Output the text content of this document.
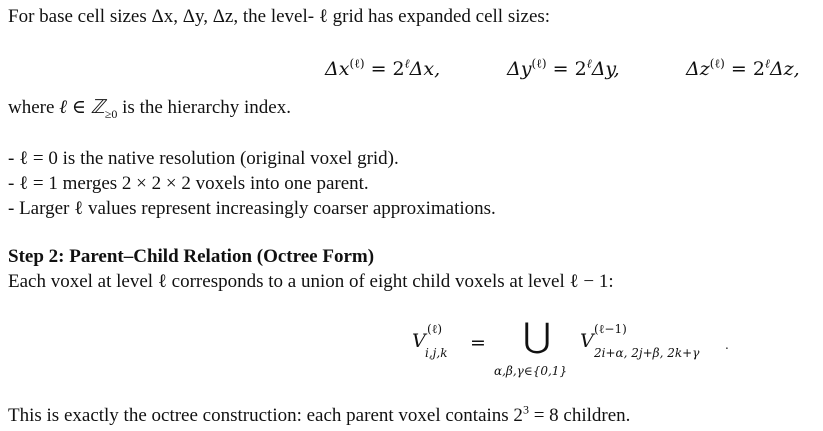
For base cell sizes Δx, Δy, Δz, the level- ℓ grid has expanded cell sizes:
$\Delta x^{(\ell)} = 2^\ell\Delta x$,	$\Delta y^{(\ell)} = 2^\ell\Delta y$,	$\Delta z^{(\ell)} = 2^\ell\Delta z$,
where ℓ ∈ ℤ$_{\ge 0}$ is the hierarchy index.
- ℓ = 0 is the native resolution (original voxel grid).
- ℓ = 1 merges 2 × 2 × 2 voxels into one parent.
- Larger ℓ values represent increasingly coarser approximations.
Step 2: Parent–Child Relation (Octree Form)
Each voxel at level ℓ corresponds to a union of eight child voxels at level ℓ − 1:
V
(ℓ)
i,j,k = ⋃
α,β,γ∈{0,1}
V
(ℓ−1)
2i+α, 2j+β, 2k+γ
.
This is exactly the octree construction: each parent voxel contains $2^3 = 8$ children.
